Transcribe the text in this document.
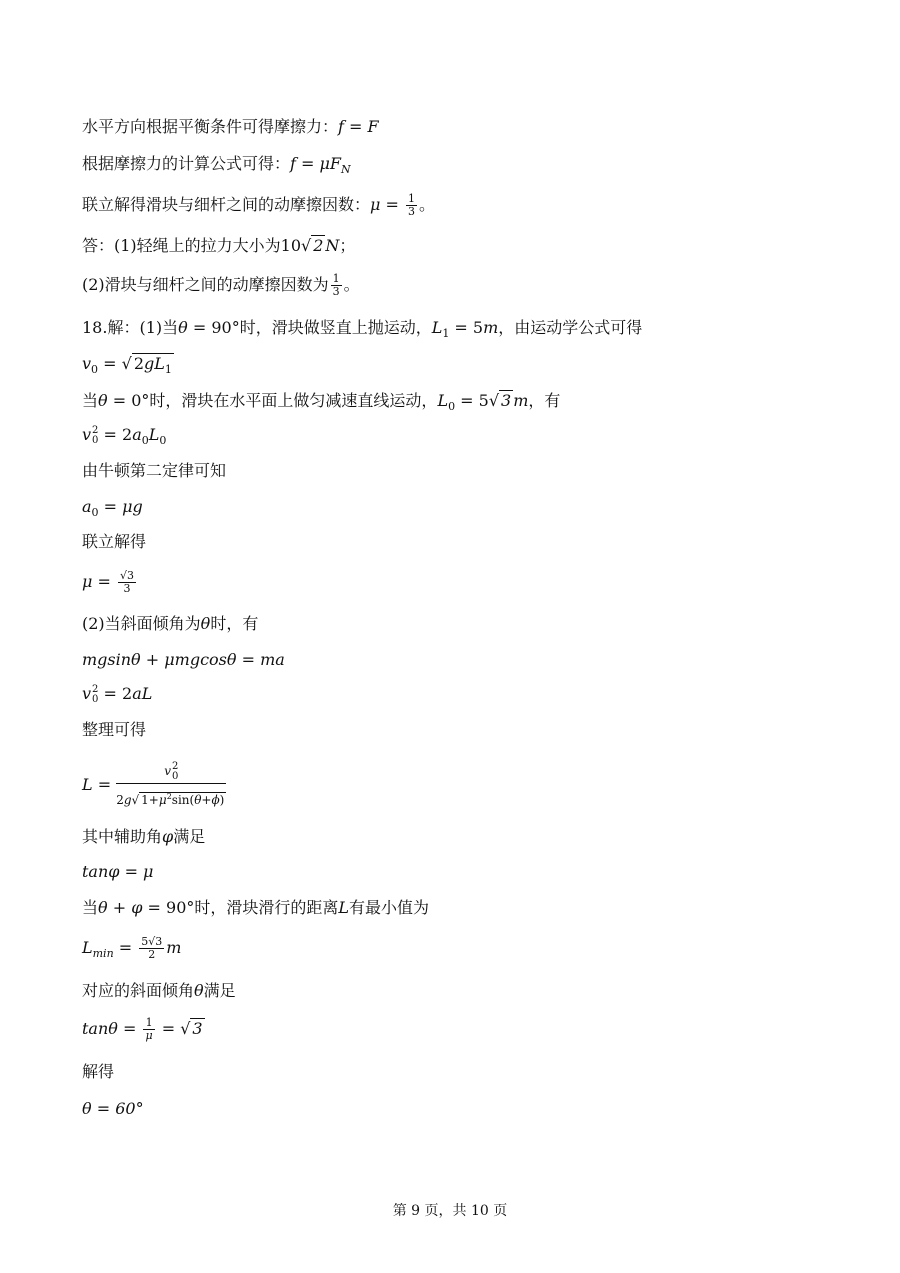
水平方向根据平衡条件可得摩擦力：f = F
根据摩擦力的计算公式可得：$f = \mu F_N$
联立解得滑块与细杆之间的动摩擦因数：$\mu = \frac{1}{3}$ 。
答：(1)轻绳上的拉力大小为10√ 2 N；
(2)滑块与细杆之间的动摩擦因数为 $\frac{1}{3}$ 。
18.解：(1)当θ = 90°时，滑块做竖直上抛运动，$L_1 = 5m$，由运动学公式可得
$v_0$ = √ $2gL_1$
当θ = 0°时，滑块在水平面上做匀减速直线运动，$L_0 = 5√$ 3 m，有
v 2
$0 = 2a_0L_0$
由牛顿第二定律可知
$a_0 = \mu g$
联立解得
$\mu = \frac{√3}{3}$
(2)当斜面倾角为θ时，有
mgsinθ + μmgcosθ = ma
v 2
0 = 2aL
整理可得
L = v 2
0
2g√ $1+\mu^2\sin(\theta+\phi)$
其中辅助角φ满足
tanφ = μ
当θ + φ = 90°时，滑块滑行的距离L有最小值为
$L_{min} = \frac{5√3}{2}$ m
对应的斜面倾角θ满足
$\tan\theta = \frac{1}{\mu}$ = √ 3
解得
θ = 60°
第 9 页，共 10 页
